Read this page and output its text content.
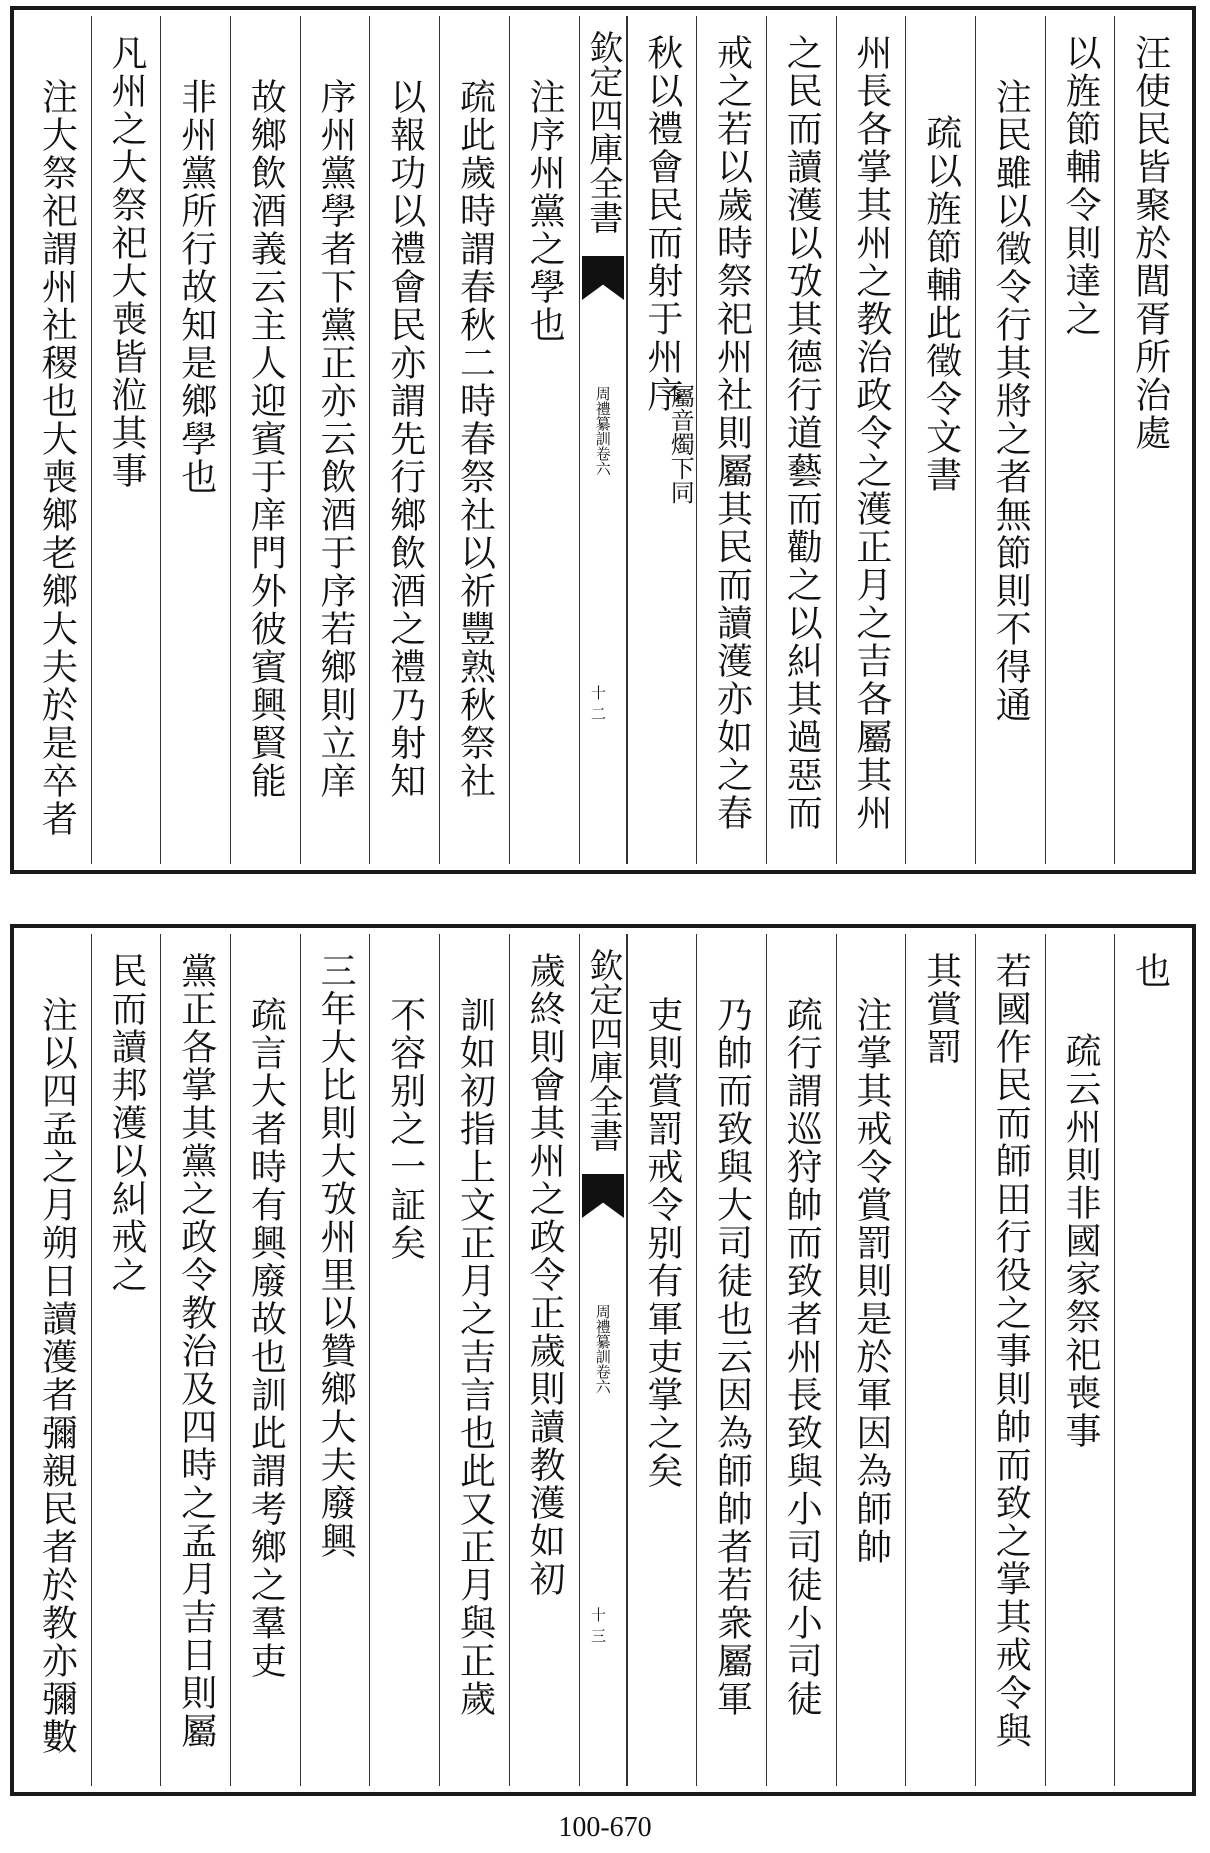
汪使民皆聚於閭胥所治處
以旌節輔令則達之
注民雖以徵令行其將之者無節則不得通
疏以旌節輔此徵令文書
州長各掌其州之教治政令之濩正月之吉各屬其州
之民而讀濩以攷其德行道藝而勸之以糾其過惡而
戒之若以歲時祭祀州社則屬其民而讀濩亦如之春
秋以禮會民而射于州序
屬音燭下同
欽定四庫全書
周禮纂訓卷六
十二
注序州黨之學也
疏此歲時謂春秋二時春祭社以祈豐熟秋祭社
以報功以禮會民亦謂先行鄉飲酒之禮乃射知
序州黨學者下黨正亦云飲酒于序若鄉則立庠
故鄉飲酒義云主人迎賓于庠門外彼賓興賢能
非州黨所行故知是鄉學也
凡州之大祭祀大喪皆涖其事
注大祭祀謂州社稷也大喪鄉老鄉大夫於是卒者
也
疏云州則非國家祭祀喪事
若國作民而師田行役之事則帥而致之掌其戒令與
其賞罰
注掌其戒令賞罰則是於軍因為師帥
疏行謂巡狩帥而致者州長致與小司徒小司徒
乃帥而致與大司徒也云因為師帥者若衆屬軍
吏則賞罰戒令别有軍吏掌之矣
欽定四庫全書
周禮纂訓卷六
十三
歲終則會其州之政令正歲則讀教濩如初
訓如初指上文正月之吉言也此又正月與正歲
不容别之一証矣
三年大比則大攷州里以贊鄉大夫廢興
疏言大者時有興廢故也訓此謂考鄉之羣吏
黨正各掌其黨之政令教治及四時之孟月吉日則屬
民而讀邦濩以糾戒之
注以四孟之月朔日讀濩者彌親民者於教亦彌數
100-670
